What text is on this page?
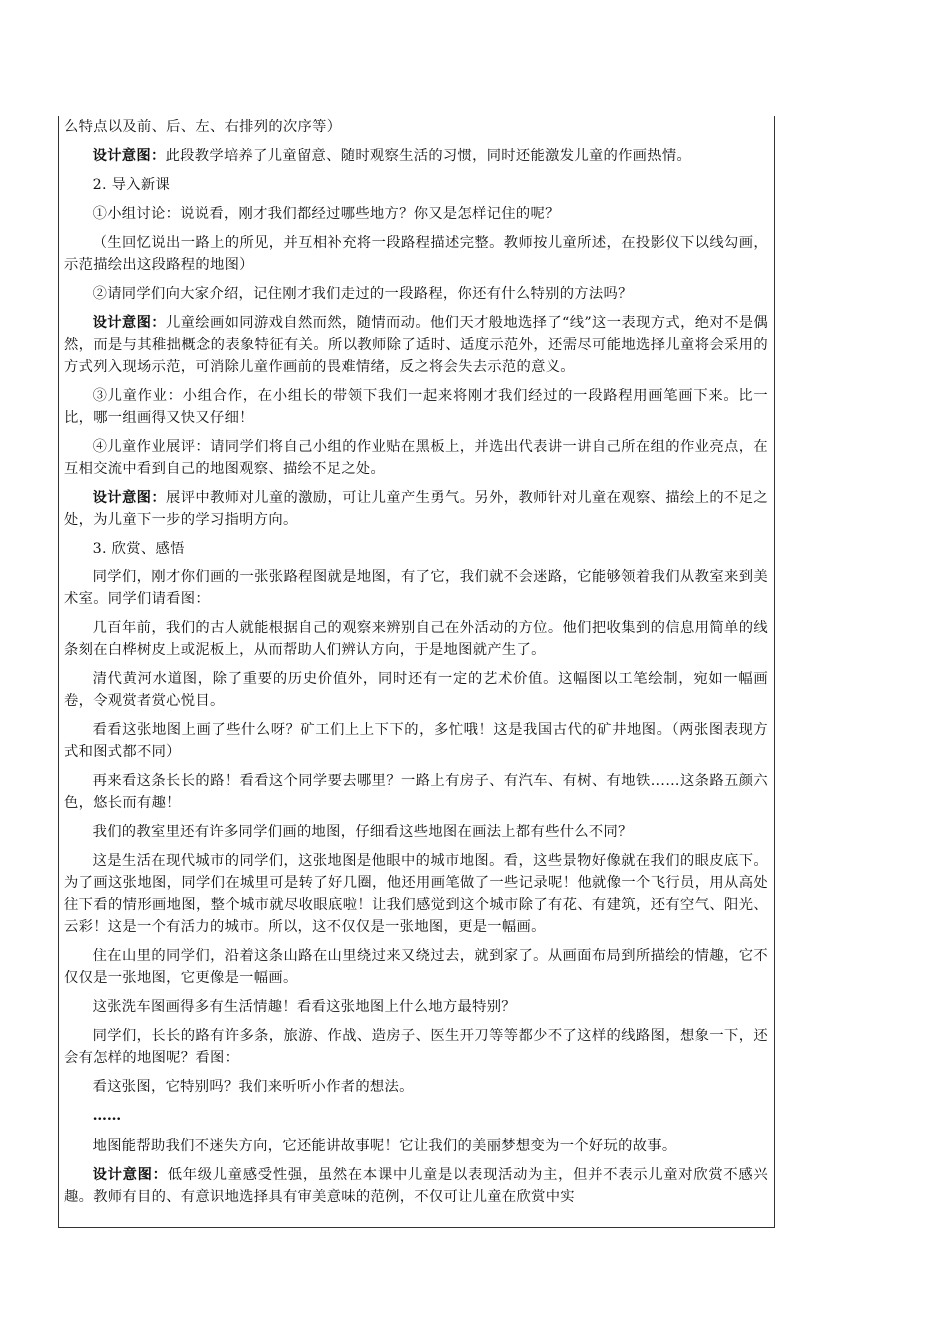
么特点以及前、后、左、右排列的次序等）

设计意图：此段教学培养了儿童留意、随时观察生活的习惯，同时还能激发儿童的作画热情。

2. 导入新课

①小组讨论：说说看，刚才我们都经过哪些地方？你又是怎样记住的呢？

（生回忆说出一路上的所见，并互相补充将一段路程描述完整。教师按儿童所述，在投影仪下以线勾画，示范描绘出这段路程的地图）

②请同学们向大家介绍，记住刚才我们走过的一段路程，你还有什么特别的方法吗？

设计意图：儿童绘画如同游戏自然而然，随情而动。他们天才般地选择了“线”这一表现方式，绝对不是偶然，而是与其稚拙概念的表象特征有关。所以教师除了适时、适度示范外，还需尽可能地选择儿童将会采用的方式列入现场示范，可消除儿童作画前的畏难情绪，反之将会失去示范的意义。

③儿童作业：小组合作，在小组长的带领下我们一起来将刚才我们经过的一段路程用画笔画下来。比一比，哪一组画得又快又仔细！

④儿童作业展评：请同学们将自己小组的作业贴在黑板上，并选出代表讲一讲自己所在组的作业亮点，在互相交流中看到自己的地图观察、描绘不足之处。

设计意图：展评中教师对儿童的激励，可让儿童产生勇气。另外，教师针对儿童在观察、描绘上的不足之处，为儿童下一步的学习指明方向。

3. 欣赏、感悟

同学们，刚才你们画的一张张路程图就是地图，有了它，我们就不会迷路，它能够领着我们从教室来到美术室。同学们请看图：

几百年前，我们的古人就能根据自己的观察来辨别自己在外活动的方位。他们把收集到的信息用简单的线条刻在白桦树皮上或泥板上，从而帮助人们辨认方向，于是地图就产生了。

清代黄河水道图，除了重要的历史价值外，同时还有一定的艺术价值。这幅图以工笔绘制，宛如一幅画卷，令观赏者赏心悦目。

看看这张地图上画了些什么呀？矿工们上上下下的，多忙哦！这是我国古代的矿井地图。（两张图表现方式和图式都不同）

再来看这条长长的路！看看这个同学要去哪里？一路上有房子、有汽车、有树、有地铁……这条路五颜六色，悠长而有趣！

我们的教室里还有许多同学们画的地图，仔细看这些地图在画法上都有些什么不同？

这是生活在现代城市的同学们，这张地图是他眼中的城市地图。看，这些景物好像就在我们的眼皮底下。为了画这张地图，同学们在城里可是转了好几圈，他还用画笔做了一些记录呢！他就像一个飞行员，用从高处往下看的情形画地图，整个城市就尽收眼底啦！让我们感觉到这个城市除了有花、有建筑，还有空气、阳光、云彩！这是一个有活力的城市。所以，这不仅仅是一张地图，更是一幅画。

住在山里的同学们，沿着这条山路在山里绕过来又绕过去，就到家了。从画面布局到所描绘的情趣，它不仅仅是一张地图，它更像是一幅画。

这张洗车图画得多有生活情趣！看看这张地图上什么地方最特别？

同学们，长长的路有许多条，旅游、作战、造房子、医生开刀等等都少不了这样的线路图，想象一下，还会有怎样的地图呢？看图：

看这张图，它特别吗？我们来听听小作者的想法。

……

地图能帮助我们不迷失方向，它还能讲故事呢！它让我们的美丽梦想变为一个好玩的故事。

设计意图：低年级儿童感受性强，虽然在本课中儿童是以表现活动为主，但并不表示儿童对欣赏不感兴趣。教师有目的、有意识地选择具有审美意味的范例，不仅可让儿童在欣赏中实
